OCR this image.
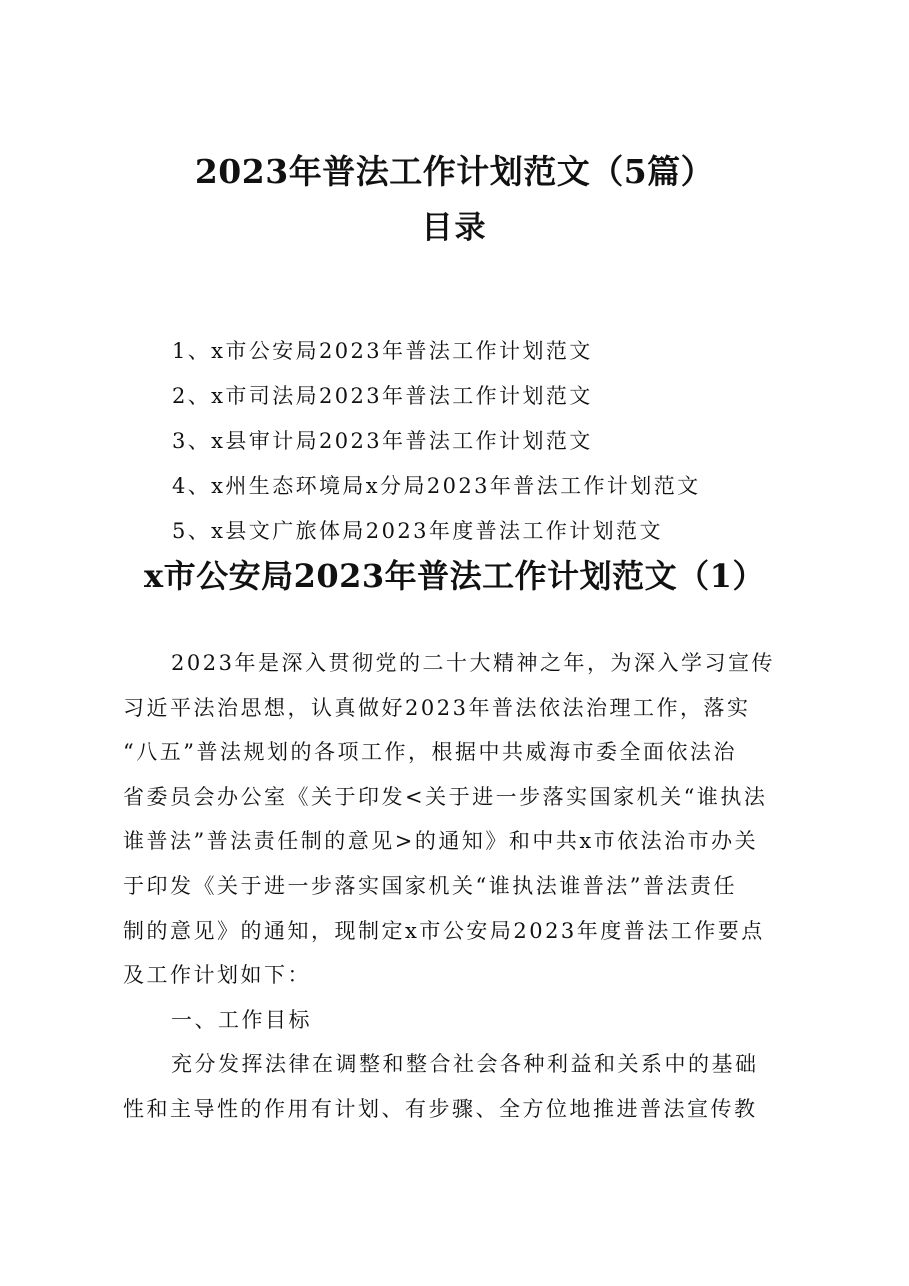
2023年普法工作计划范文（5篇）
目录
1、x市公安局2023年普法工作计划范文
2、x市司法局2023年普法工作计划范文
3、x县审计局2023年普法工作计划范文
4、x州生态环境局x分局2023年普法工作计划范文
5、x县文广旅体局2023年度普法工作计划范文
x市公安局2023年普法工作计划范文（1）

2023年是深入贯彻党的二十大精神之年，为深入学习宣传
习近平法治思想，认真做好2023年普法依法治理工作，落实
“八五”普法规划的各项工作，根据中共威海市委全面依法治
省委员会办公室《关于印发<关于进一步落实国家机关“谁执法
谁普法”普法责任制的意见>的通知》和中共x市依法治市办关
于印发《关于进一步落实国家机关“谁执法谁普法”普法责任
制的意见》的通知，现制定x市公安局2023年度普法工作要点
及工作计划如下：

一、工作目标

充分发挥法律在调整和整合社会各种利益和关系中的基础
性和主导性的作用有计划、有步骤、全方位地推进普法宣传教
